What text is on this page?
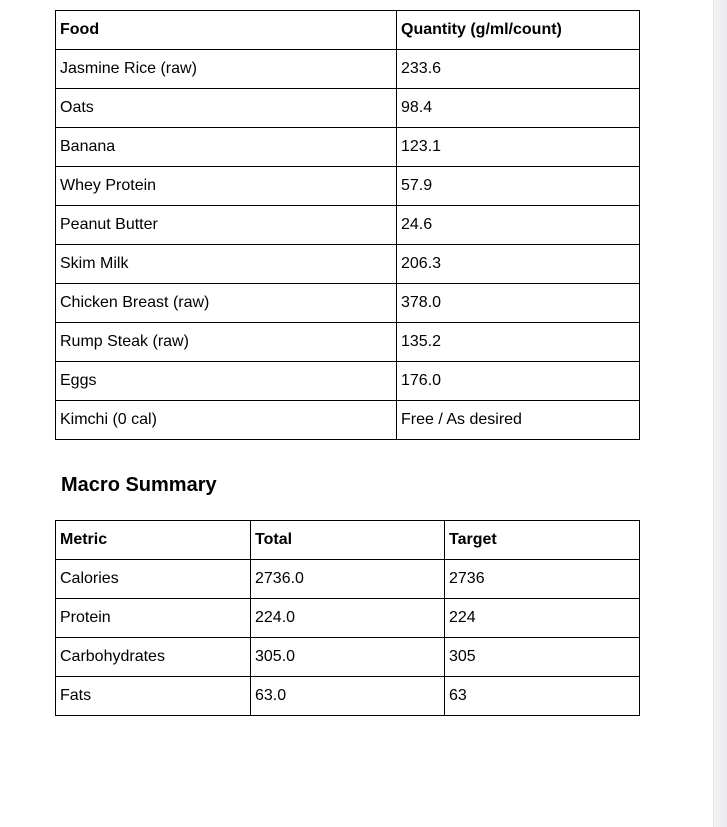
Food	Quantity (g/ml/count)
Jasmine Rice (raw)	233.6
Oats	98.4
Banana	123.1
Whey Protein	57.9
Peanut Butter	24.6
Skim Milk	206.3
Chicken Breast (raw)	378.0
Rump Steak (raw)	135.2
Eggs	176.0
Kimchi (0 cal)	Free / As desired
Macro Summary
Metric	Total	Target
Calories	2736.0	2736
Protein	224.0	224
Carbohydrates	305.0	305
Fats	63.0	63
